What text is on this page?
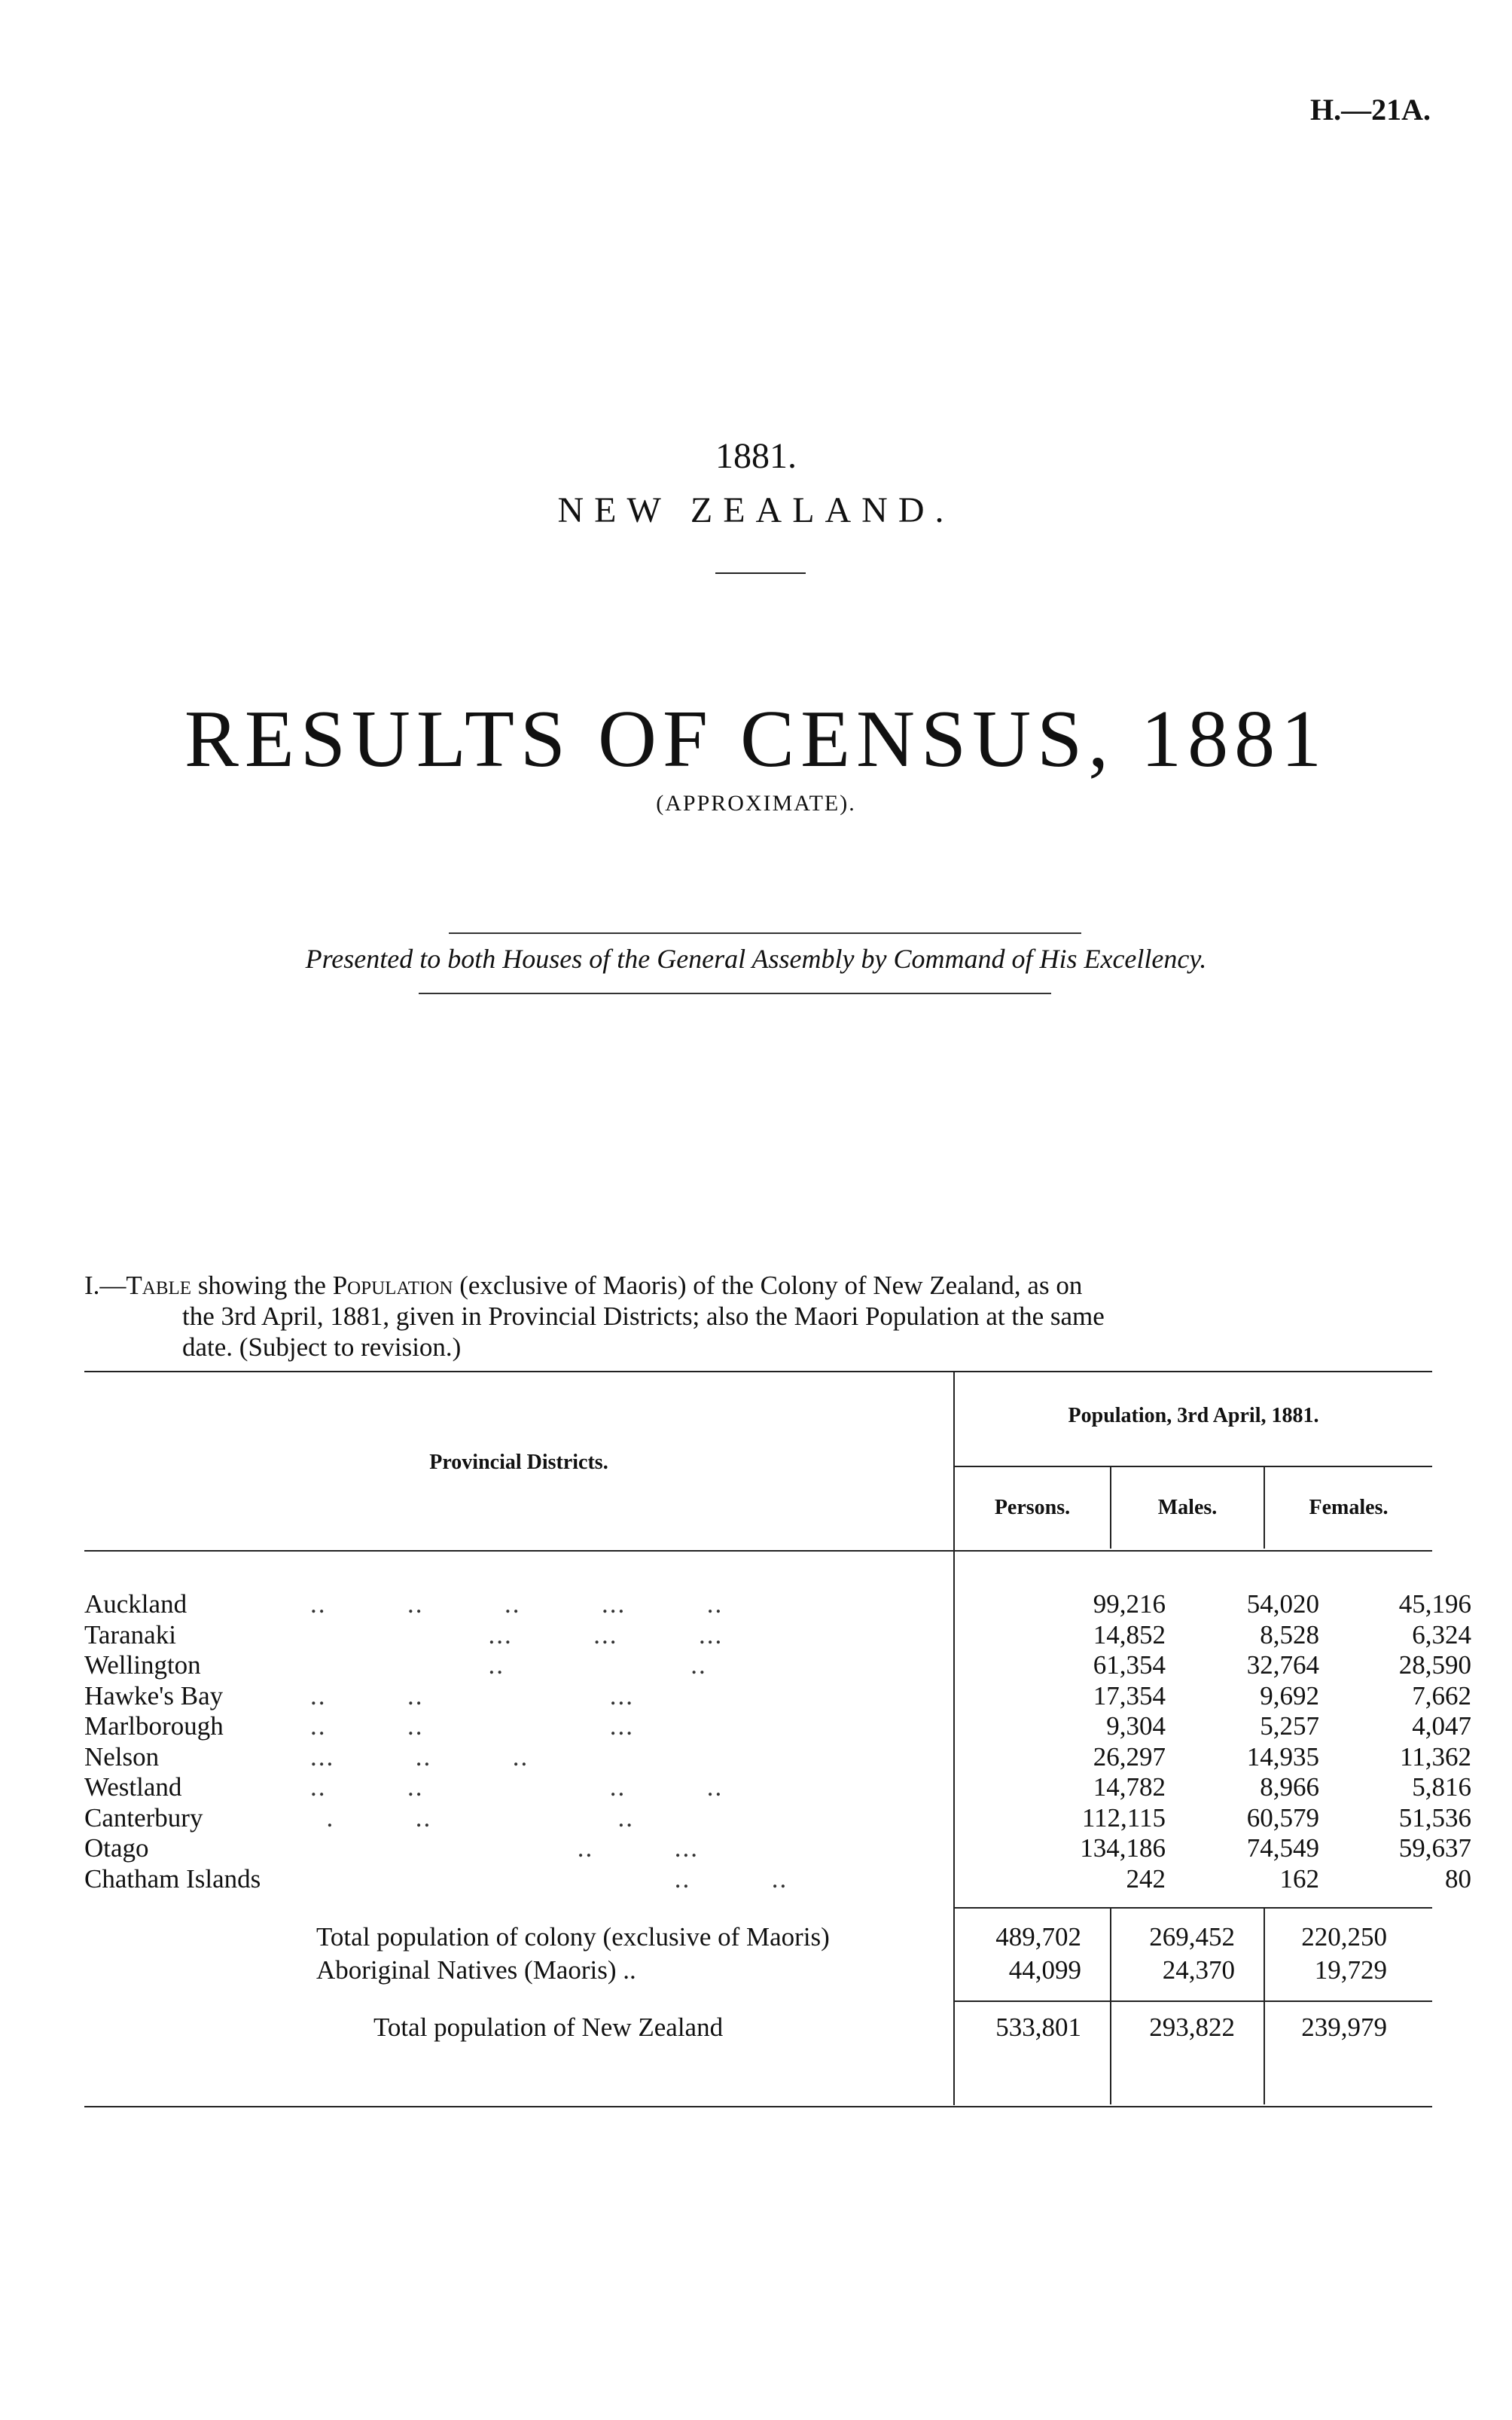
H.—21A.
1881.
NEW ZEALAND.
RESULTS OF CENSUS, 1881
(APPROXIMATE).
Presented to both Houses of the General Assembly by Command of His Excellency.

I.—Table showing the Population (exclusive of Maoris) of the Colony of New Zealand, as on

the 3rd April, 1881, given in Provincial Districts; also the Maori Population at the same

date. (Subject to revision.)

Provincial Districts.
Population, 3rd April, 1881.
Persons.	Males.	Females.
Auckland	..          ..          ..          ...          ..	99,216	54,020	45,196
Taranaki	...          ...          ...	14,852	8,528	6,324
Wellington	..                       ..	61,354	32,764	28,590
Hawke's Bay	..          ..                       ...	17,354	9,692	7,662
Marlborough	..          ..                       ...	9,304	5,257	4,047
Nelson	...          ..          ..	26,297	14,935	11,362
Westland	..          ..                       ..          ..	14,782	8,966	5,816
Canterbury	.          ..                       ..	112,115	60,579	51,536
Otago	..          ...	134,186	74,549	59,637
Chatham Islands ..          ..	242	162	80
Total population of colony (exclusive of Maoris)	489,702	269,452	220,250
Aboriginal Natives (Maoris) ..	44,099	24,370	19,729
Total population of New Zealand	533,801	293,822	239,979
